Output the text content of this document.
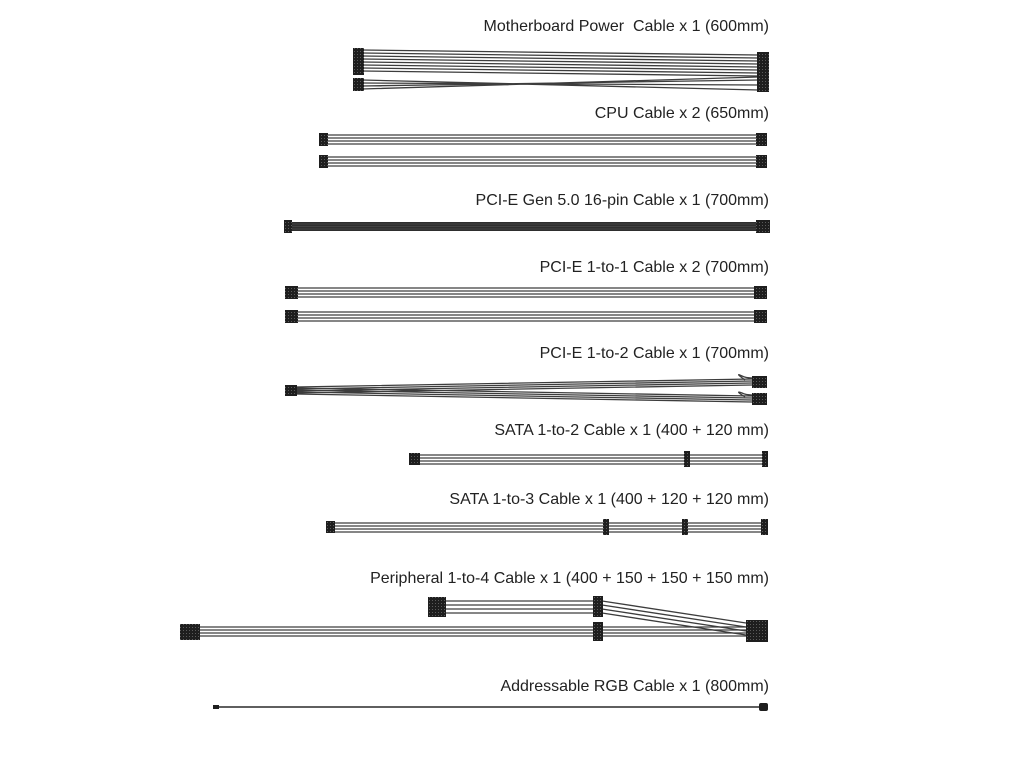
Motherboard Power  Cable x 1 (600mm)
CPU Cable x 2 (650mm)
PCI-E Gen 5.0 16-pin Cable x 1 (700mm)
PCI-E 1-to-1 Cable x 2 (700mm)
PCI-E 1-to-2 Cable x 1 (700mm)
SATA 1-to-2 Cable x 1 (400 + 120 mm)
SATA 1-to-3 Cable x 1 (400 + 120 + 120 mm)
Peripheral 1-to-4 Cable x 1 (400 + 150 + 150 + 150 mm)
Addressable RGB Cable x 1 (800mm)
